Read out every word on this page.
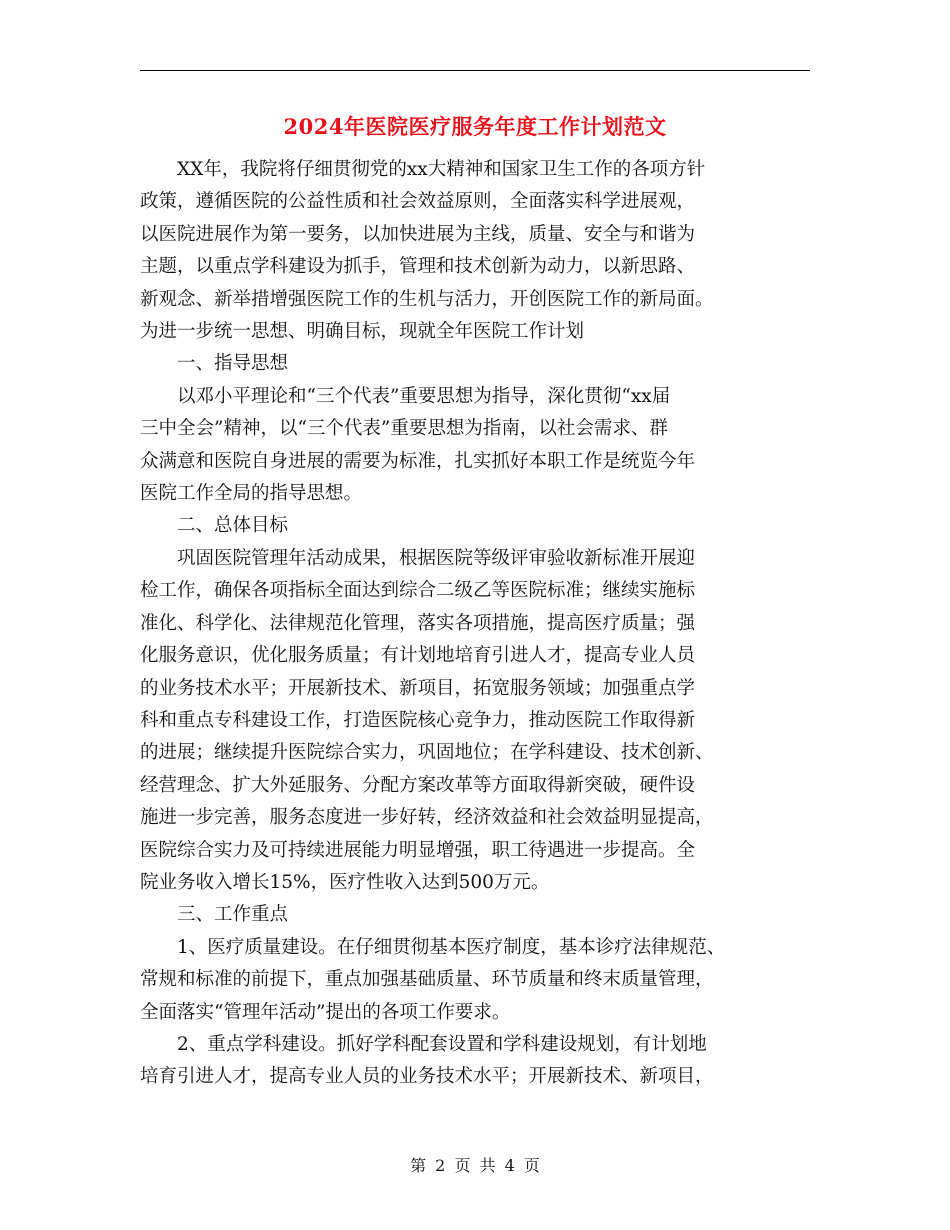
2024年医院医疗服务年度工作计划范文

XX年，我院将仔细贯彻党的xx大精神和国家卫生工作的各项方针
政策，遵循医院的公益性质和社会效益原则，全面落实科学进展观，
以医院进展作为第一要务，以加快进展为主线，质量、安全与和谐为
主题，以重点学科建设为抓手，管理和技术创新为动力，以新思路、
新观念、新举措增强医院工作的生机与活力，开创医院工作的新局面。
为进一步统一思想、明确目标，现就全年医院工作计划

一、指导思想

以邓小平理论和“三个代表”重要思想为指导，深化贯彻“xx届
三中全会”精神，以“三个代表”重要思想为指南，以社会需求、群
众满意和医院自身进展的需要为标准，扎实抓好本职工作是统览今年
医院工作全局的指导思想。

二、总体目标

巩固医院管理年活动成果，根据医院等级评审验收新标准开展迎
检工作，确保各项指标全面达到综合二级乙等医院标准；继续实施标
准化、科学化、法律规范化管理，落实各项措施，提高医疗质量；强
化服务意识，优化服务质量；有计划地培育引进人才，提高专业人员
的业务技术水平；开展新技术、新项目，拓宽服务领域；加强重点学
科和重点专科建设工作，打造医院核心竞争力，推动医院工作取得新
的进展；继续提升医院综合实力，巩固地位；在学科建设、技术创新、
经营理念、扩大外延服务、分配方案改革等方面取得新突破，硬件设
施进一步完善，服务态度进一步好转，经济效益和社会效益明显提高，
医院综合实力及可持续进展能力明显增强，职工待遇进一步提高。全
院业务收入增长15%，医疗性收入达到500万元。

三、工作重点

1、医疗质量建设。在仔细贯彻基本医疗制度，基本诊疗法律规范、
常规和标准的前提下，重点加强基础质量、环节质量和终末质量管理，
全面落实“管理年活动”提出的各项工作要求。

2、重点学科建设。抓好学科配套设置和学科建设规划，有计划地
培育引进人才，提高专业人员的业务技术水平；开展新技术、新项目，

第 2 页 共 4 页
